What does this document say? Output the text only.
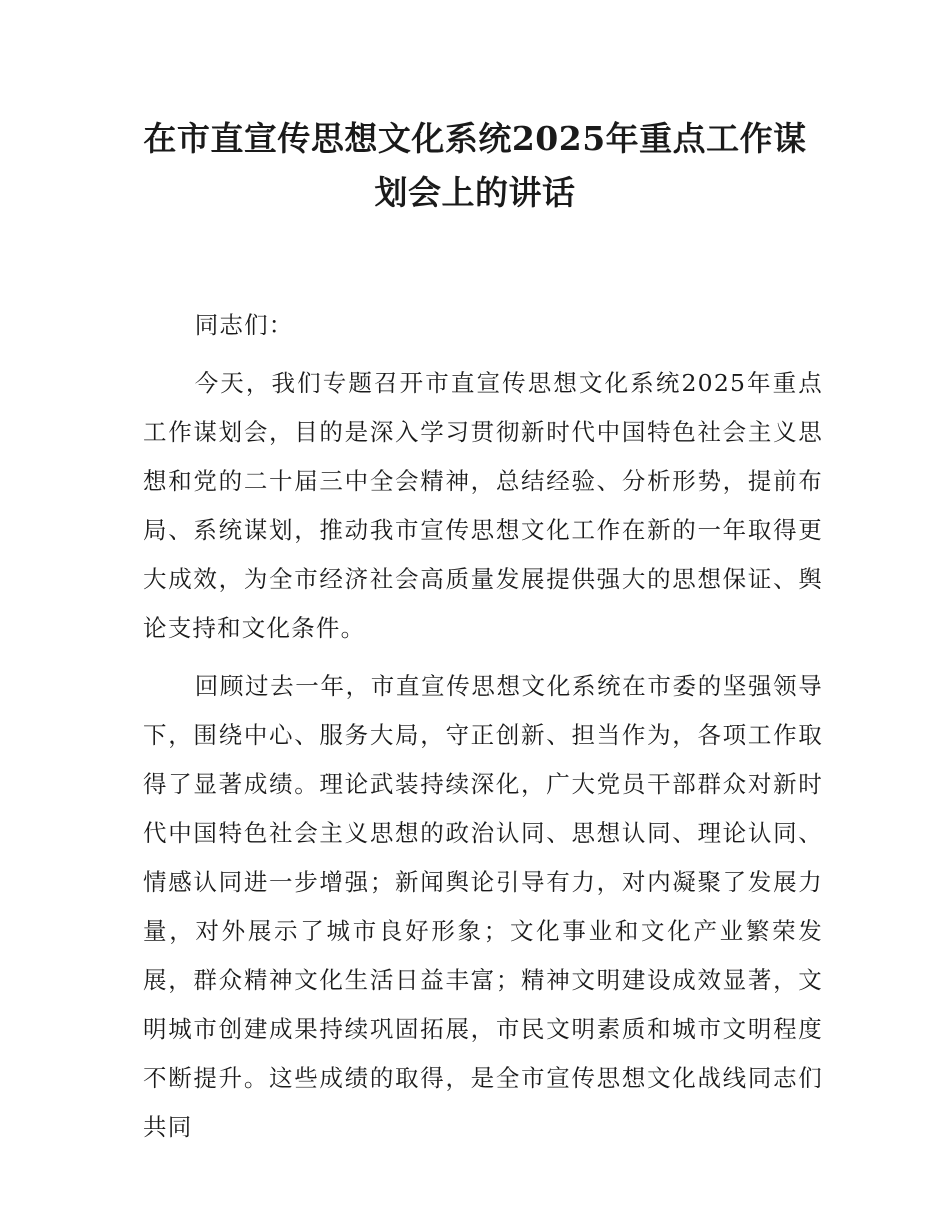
在市直宣传思想文化系统2025年重点工作谋
划会上的讲话

同志们：

今天，我们专题召开市直宣传思想文化系统2025年重点工作谋划会，目的是深入学习贯彻新时代中国特色社会主义思想和党的二十届三中全会精神，总结经验、分析形势，提前布局、系统谋划，推动我市宣传思想文化工作在新的一年取得更大成效，为全市经济社会高质量发展提供强大的思想保证、舆论支持和文化条件。

回顾过去一年，市直宣传思想文化系统在市委的坚强领导下，围绕中心、服务大局，守正创新、担当作为，各项工作取得了显著成绩。理论武装持续深化，广大党员干部群众对新时代中国特色社会主义思想的政治认同、思想认同、理论认同、情感认同进一步增强；新闻舆论引导有力，对内凝聚了发展力量，对外展示了城市良好形象；文化事业和文化产业繁荣发展，群众精神文化生活日益丰富；精神文明建设成效显著，文明城市创建成果持续巩固拓展，市民文明素质和城市文明程度不断提升。这些成绩的取得，是全市宣传思想文化战线同志们共同
